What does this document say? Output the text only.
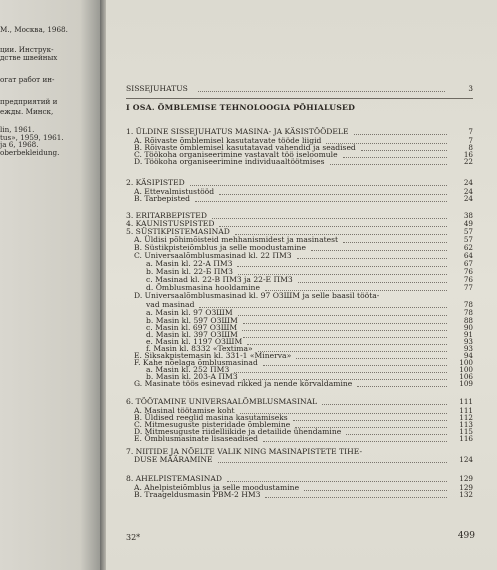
M., Москва, 1968.
ции. Инструк-
дстве швейных
огат работ ин-
предприятий и
ежды. Минск,
lin, 1961.
tus», 1959, 1961.
ja 6, 1968.
oberbekleidung.
SISSEJUHATUS	3
I OSA. ÖMBLEMISE TEHNOLOOGIA PÕHIALUSED
1. ÜLDINE SISSEJUHATUS MASINA- JA KÄSISTÖÖDELE	7
A. Rõivaste õmblemisel kasutatavate tööde liigid	7
B. Rõivaste õmblemisel kasutatavad vahendid ja seadised	8
C. Töökoha organiseerimine vastavalt töö iseloomule	16
D. Töökoha organiseerimine individuaaltöötmises	22
2. KÄSIPISTED	24
A. Ettevalmistustööd	24
B. Tarbepisted	24
3. ERITARBEPISTED	38
4. KAUNISTUSPISTED	49
5. SÜSTIKPISTEMASINAD	57
A. Üldisi põhimõisteid mehhanismidest ja masinatest	57
B. Süstikpisteiõmblus ja selle moodustamine	62
C. Universaalõmblusmasinad kl. 22 ПМЗ	64
a. Masin kl. 22-A ПМЗ	67
b. Masin kl. 22-Б ПМЗ	76
c. Masinad kl. 22-В ПМЗ ja 22-Е ПМЗ	76
d. Õmblusmasina hooldamine	77
D. Universaalõmblusmasinad kl. 97 ОЗШМ ja selle baasil tööta-
vad masinad	78
a. Masin kl. 97 ОЗШМ	78
b. Masin kl. 597 ОЗШМ	88
c. Masin kl. 697 ОЗШМ	90
d. Masin kl. 397 ОЗШМ	91
e. Masin kl. 1197 ОЗШМ	93
f. Masin kl. 8332 «Textima»	93
E. Siksakpistemasin kl. 331-1 «Minerva»	94
F. Kahe nõelaga õmblusmasinad	100
a. Masin kl. 252 ПМЗ	100
b. Masin kl. 203-A ПМЗ	106
G. Masinate töös esinevad rikked ja nende kõrvaldamine	109
6. TÖÖTAMINE UNIVERSAALÕMBLUSMASINAL	111
A. Masinal töötamise koht	111
B. Üldised reeglid masina kasutamiseks	112
C. Mitmesuguste pisteridade õmblemine	113
D. Mitmesuguste riidelliikide ja detailide ühendamine	115
E. Õmblusmasinate lisaseadised	116
7. NIITIDE JA NÕELTE VALIK NING MASINAPISTETE TIHE-
DUSE MÄÄRAMINE	124
8. AHELPISTEMASINAD	129
A. Ahelpisteiõmblus ja selle moodustamine	129
B. Traageldusmasin РВМ-2 НМЗ	132
32*	499
